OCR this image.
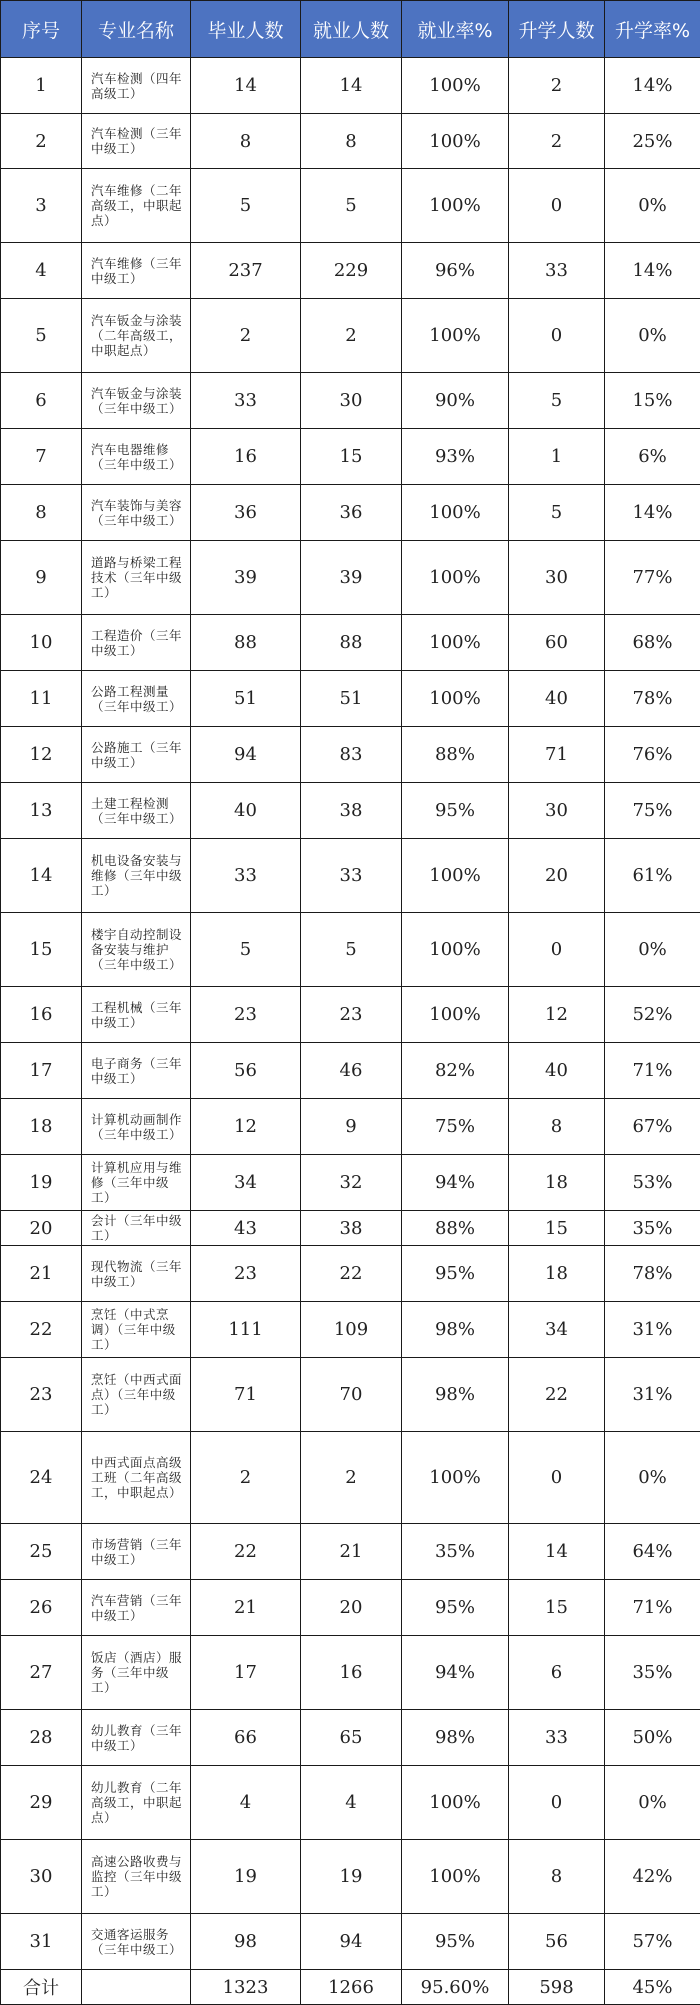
序号	专业名称	毕业人数	就业人数	就业率%	升学人数	升学率%
1	汽车检测（四年高级工）	14	14	100%	2	14%
2	汽车检测（三年中级工）	8	8	100%	2	25%
3	汽车维修（二年高级工，中职起点）	5	5	100%	0	0%
4	汽车维修（三年中级工）	237	229	96%	33	14%
5	汽车钣金与涂装（二年高级工，中职起点）	2	2	100%	0	0%
6	汽车钣金与涂装（三年中级工）	33	30	90%	5	15%
7	汽车电器维修（三年中级工）	16	15	93%	1	6%
8	汽车装饰与美容（三年中级工）	36	36	100%	5	14%
9	道路与桥梁工程技术（三年中级工）	39	39	100%	30	77%
10	工程造价（三年中级工）	88	88	100%	60	68%
11	公路工程测量（三年中级工）	51	51	100%	40	78%
12	公路施工（三年中级工）	94	83	88%	71	76%
13	土建工程检测（三年中级工）	40	38	95%	30	75%
14	机电设备安装与维修（三年中级工）	33	33	100%	20	61%
15	楼宇自动控制设备安装与维护（三年中级工）	5	5	100%	0	0%
16	工程机械（三年中级工）	23	23	100%	12	52%
17	电子商务（三年中级工）	56	46	82%	40	71%
18	计算机动画制作（三年中级工）	12	9	75%	8	67%
19	计算机应用与维修（三年中级工）	34	32	94%	18	53%
20	会计（三年中级工）	43	38	88%	15	35%
21	现代物流（三年中级工）	23	22	95%	18	78%
22	烹饪（中式烹调）（三年中级工）	111	109	98%	34	31%
23	烹饪（中西式面点）（三年中级工）	71	70	98%	22	31%
24	中西式面点高级工班（二年高级工，中职起点）	2	2	100%	0	0%
25	市场营销（三年中级工）	22	21	35%	14	64%
26	汽车营销（三年中级工）	21	20	95%	15	71%
27	饭店（酒店）服务（三年中级工）	17	16	94%	6	35%
28	幼儿教育（三年中级工）	66	65	98%	33	50%
29	幼儿教育（二年高级工，中职起点）	4	4	100%	0	0%
30	高速公路收费与监控（三年中级工）	19	19	100%	8	42%
31	交通客运服务（三年中级工）	98	94	95%	56	57%
合计		1323	1266	95.60%	598	45%
